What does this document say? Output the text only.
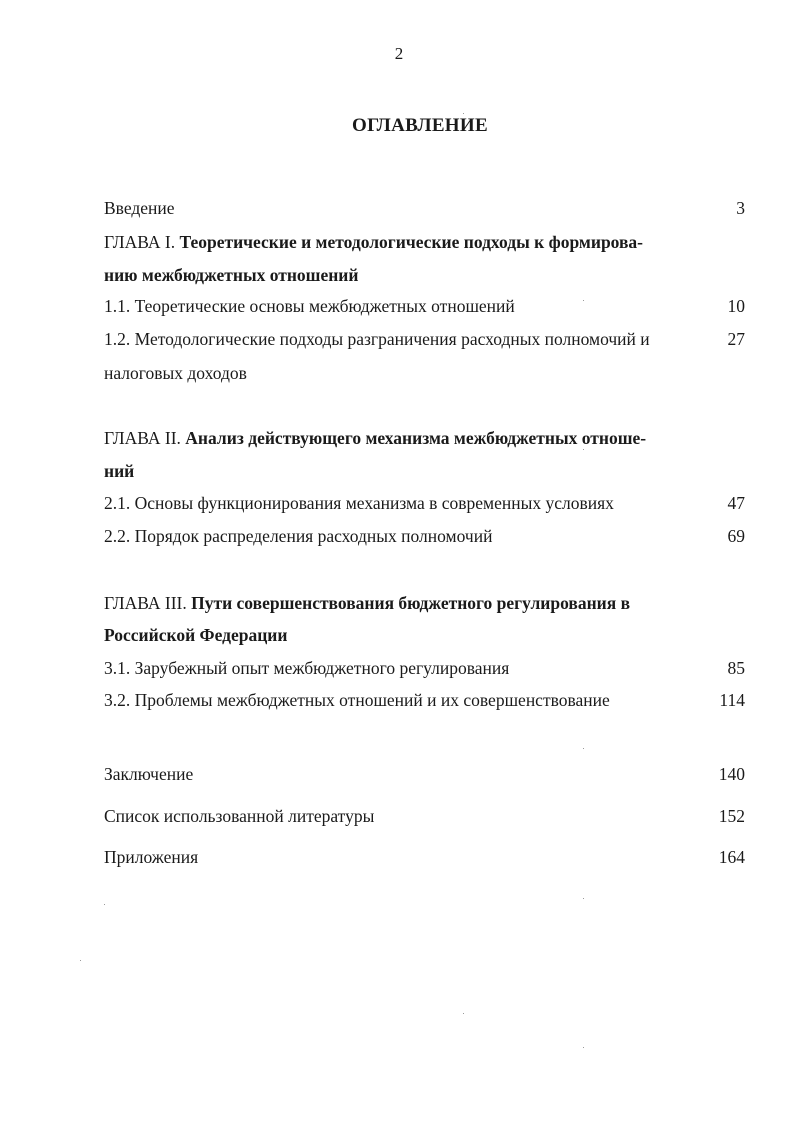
2
ОГЛАВЛЕНИЕ
Введение	3
ГЛАВА I. Теоретические и методологические подходы к формирова-
нию межбюджетных отношений
1.1. Теоретические основы межбюджетных отношений	10
1.2. Методологические подходы разграничения расходных полномочий и	27
налоговых доходов
ГЛАВА II. Анализ действующего механизма межбюджетных отноше-
ний
2.1. Основы функционирования механизма в современных условиях	47
2.2. Порядок распределения расходных полномочий	69
ГЛАВА III. Пути совершенствования бюджетного регулирования в
Российской Федерации
3.1. Зарубежный опыт межбюджетного регулирования	85
3.2. Проблемы межбюджетных отношений и их совершенствование	114
Заключение	140
Список использованной литературы	152
Приложения	164
